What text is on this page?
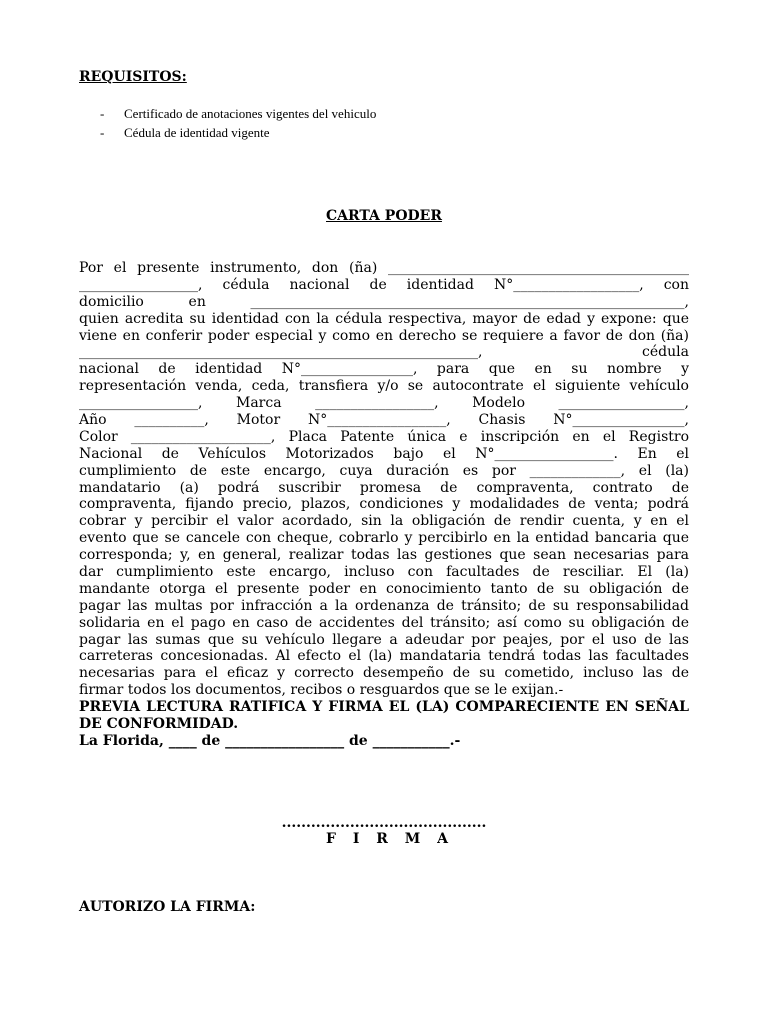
REQUISITOS:
- Certificado de anotaciones vigentes del vehiculo
- Cédula de identidad vigente
CARTA PODER
Por el presente instrumento, don (ña) ___________________________________________
_________________, cédula nacional de identidad N°__________________, con
domicilio en ______________________________________________________________,
quien acredita su identidad con la cédula respectiva, mayor de edad y expone: que
viene en conferir poder especial y como en derecho se requiere a favor de don (ña)
_________________________________________________________, cédula
nacional de identidad N°________________, para que en su nombre y
representación venda, ceda, transfiera y/o se autocontrate el siguiente vehículo
_________________, Marca _________________, Modelo __________________,
Año __________, Motor N°_________________, Chasis N°________________,
Color ____________________, Placa Patente única e inscripción en el Registro
Nacional de Vehículos Motorizados bajo el N°_________________. En el
cumplimiento de este encargo, cuya duración es por _____________, el (la)
mandatario (a) podrá suscribir promesa de compraventa, contrato de
compraventa, fijando precio, plazos, condiciones y modalidades de venta; podrá
cobrar y percibir el valor acordado, sin la obligación de rendir cuenta, y en el
evento que se cancele con cheque, cobrarlo y percibirlo en la entidad bancaria que
corresponda; y, en general, realizar todas las gestiones que sean necesarias para
dar cumplimiento este encargo, incluso con facultades de resciliar. El (la)
mandante otorga el presente poder en conocimiento tanto de su obligación de
pagar las multas por infracción a la ordenanza de tránsito; de su responsabilidad
solidaria en el pago en caso de accidentes del tránsito; así como su obligación de
pagar las sumas que su vehículo llegare a adeudar por peajes, por el uso de las
carreteras concesionadas. Al efecto el (la) mandataria tendrá todas las facultades
necesarias para el eficaz y correcto desempeño de su cometido, incluso las de
firmar todos los documentos, recibos o resguardos que se le exijan.-
PREVIA LECTURA RATIFICA Y FIRMA EL (LA) COMPARECIENTE EN SEÑAL
DE CONFORMIDAD.
La Florida, ____ de _________________ de ___________.-
..........................................
F I R M A
AUTORIZO LA FIRMA:
